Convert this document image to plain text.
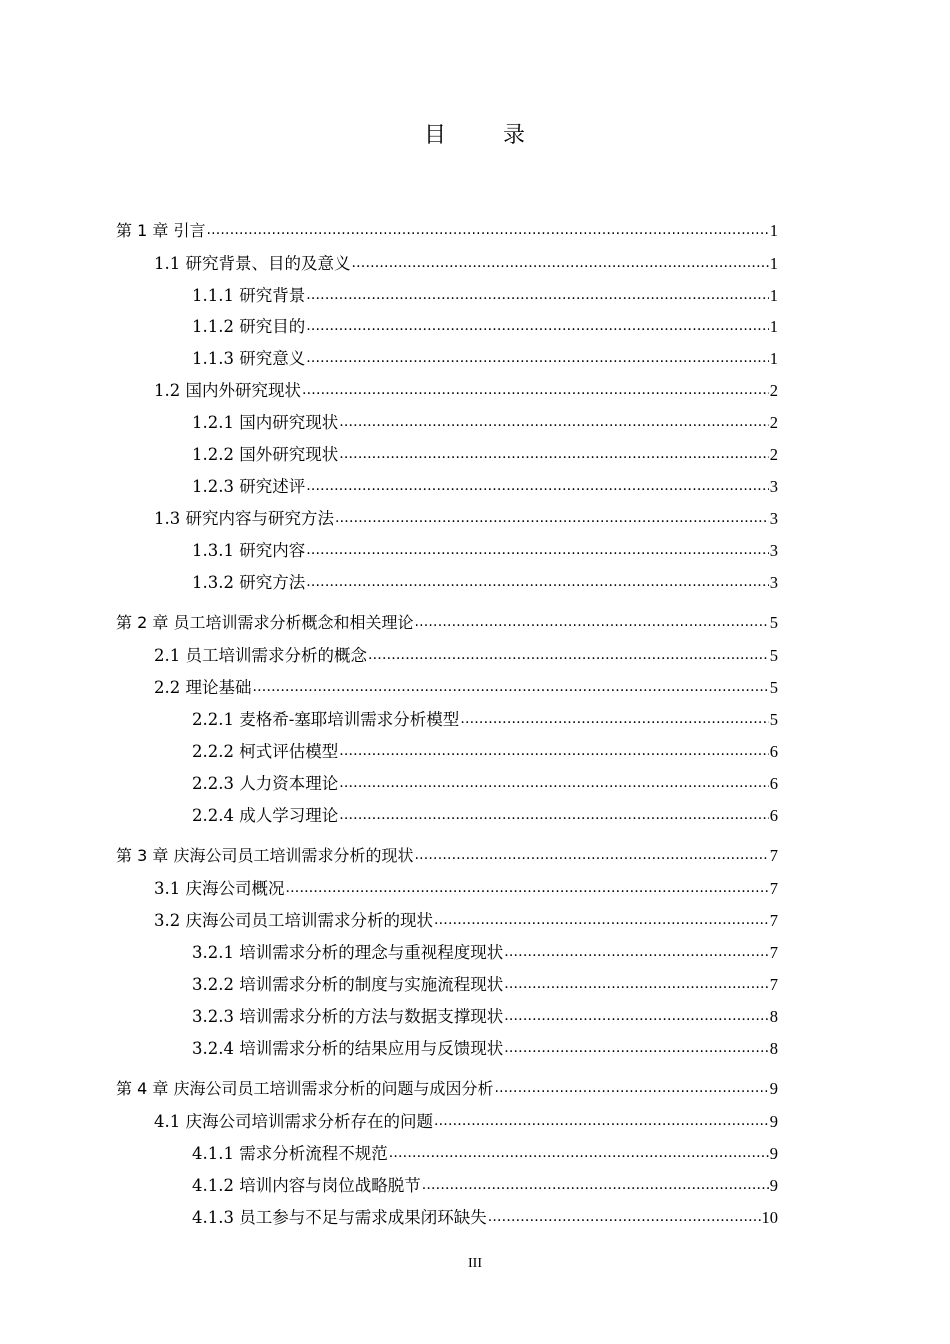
目	录
第 1 章 引言 .....	1
1.1 研究背景、目的及意义 .....	1
1.1.1 研究背景 .....	1
1.1.2 研究目的 .....	1
1.1.3 研究意义 .....	1
1.2 国内外研究现状 .....	2
1.2.1 国内研究现状 .....	2
1.2.2 国外研究现状 .....	2
1.2.3 研究述评 .....	3
1.3 研究内容与研究方法 .....	3
1.3.1 研究内容 .....	3
1.3.2 研究方法 .....	3
第 2 章 员工培训需求分析概念和相关理论 .....	5
2.1 员工培训需求分析的概念 .....	5
2.2 理论基础 .....	5
2.2.1 麦格希-塞耶培训需求分析模型 .....	5
2.2.2 柯式评估模型 .....	6
2.2.3 人力资本理论 .....	6
2.2.4 成人学习理论 .....	6
第 3 章 庆海公司员工培训需求分析的现状 .....	7
3.1 庆海公司概况 .....	7
3.2 庆海公司员工培训需求分析的现状 .....	7
3.2.1 培训需求分析的理念与重视程度现状 .....	7
3.2.2 培训需求分析的制度与实施流程现状 .....	7
3.2.3 培训需求分析的方法与数据支撑现状 .....	8
3.2.4 培训需求分析的结果应用与反馈现状 .....	8
第 4 章 庆海公司员工培训需求分析的问题与成因分析 .....	9
4.1 庆海公司培训需求分析存在的问题 .....	9
4.1.1 需求分析流程不规范 .....	9
4.1.2 培训内容与岗位战略脱节 .....	9
4.1.3 员工参与不足与需求成果闭环缺失 .....	10
III
